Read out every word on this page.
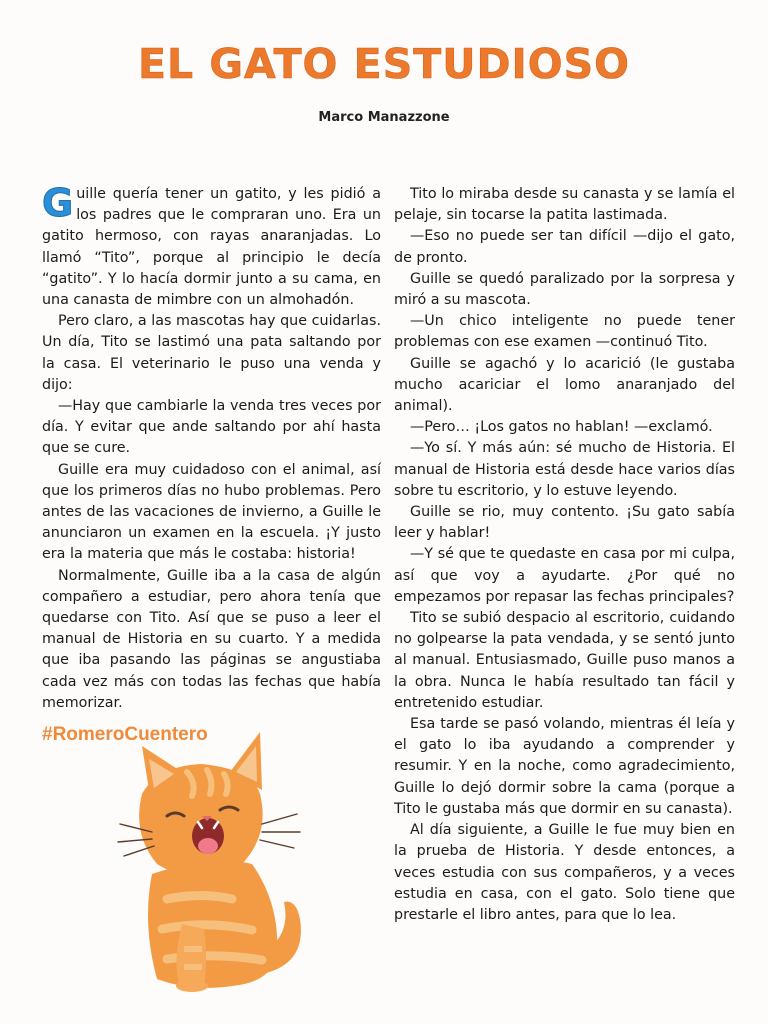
EL GATO ESTUDIOSO
Marco Manazzone

Guille quería tener un gatito, y les pidió a los padres que le compraran uno. Era un gatito hermoso, con rayas anaranjadas. Lo llamó “Tito”, porque al principio le decía “gatito”. Y lo hacía dormir junto a su cama, en una canasta de mimbre con un almohadón.

Pero claro, a las mascotas hay que cuidarlas. Un día, Tito se lastimó una pata saltando por la casa. El veterinario le puso una venda y dijo:

—Hay que cambiarle la venda tres veces por día. Y evitar que ande saltando por ahí hasta que se cure.

Guille era muy cuidadoso con el animal, así que los primeros días no hubo problemas. Pero antes de las vacaciones de invierno, a Guille le anunciaron un examen en la escuela. ¡Y justo era la materia que más le costaba: historia!

Normalmente, Guille iba a la casa de algún compañero a estudiar, pero ahora tenía que quedarse con Tito. Así que se puso a leer el manual de Historia en su cuarto. Y a medida que iba pasando las páginas se angustiaba cada vez más con todas las fechas que había memorizar.

Tito lo miraba desde su canasta y se lamía el pelaje, sin tocarse la patita lastimada.

—Eso no puede ser tan difícil —dijo el gato, de pronto.

Guille se quedó paralizado por la sorpresa y miró a su mascota.

—Un chico inteligente no puede tener problemas con ese examen —continuó Tito.

Guille se agachó y lo acarició (le gustaba mucho acariciar el lomo anaranjado del animal).

—Pero… ¡Los gatos no hablan! —exclamó.

—Yo sí. Y más aún: sé mucho de Historia. El manual de Historia está desde hace varios días sobre tu escritorio, y lo estuve leyendo.

Guille se rio, muy contento. ¡Su gato sabía leer y hablar!

—Y sé que te quedaste en casa por mi culpa, así que voy a ayudarte. ¿Por qué no empezamos por repasar las fechas principales?

Tito se subió despacio al escritorio, cuidando no golpearse la pata vendada, y se sentó junto al manual. Entusiasmado, Guille puso manos a la obra. Nunca le había resultado tan fácil y entretenido estudiar.

Esa tarde se pasó volando, mientras él leía y el gato lo iba ayudando a comprender y resumir. Y en la noche, como agradecimiento, Guille lo dejó dormir sobre la cama (porque a Tito le gustaba más que dormir en su canasta).

Al día siguiente, a Guille le fue muy bien en la prueba de Historia. Y desde entonces, a veces estudia con sus compañeros, y a veces estudia en casa, con el gato. Solo tiene que prestarle el libro antes, para que lo lea.

#RomeroCuentero
